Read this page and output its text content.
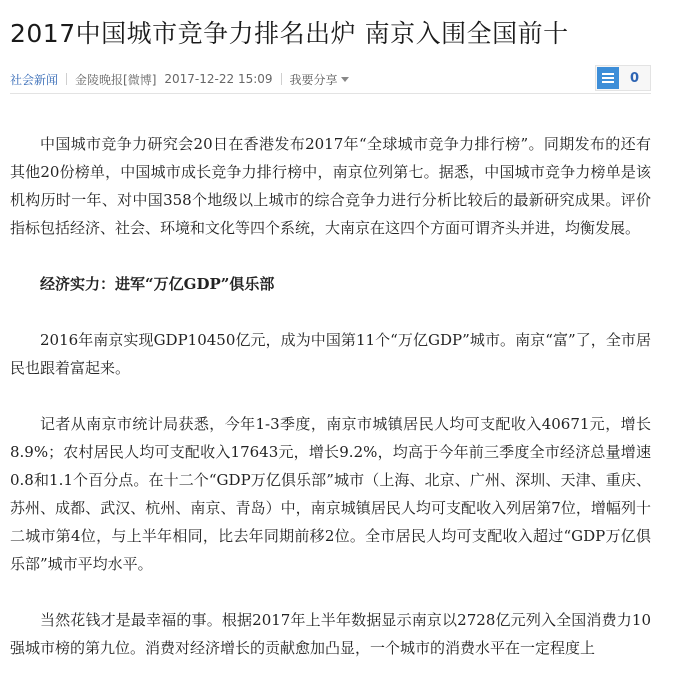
2017中国城市竞争力排名出炉 南京入围全国前十
社会新闻 金陵晚报[微博] 2017-12-22 15:09 我要分享	0

中国城市竞争力研究会20日在香港发布2017年“全球城市竞争力排行榜”。同期发布的还有其他20份榜单，中国城市成长竞争力排行榜中，南京位列第七。据悉，中国城市竞争力榜单是该机构历时一年、对中国358个地级以上城市的综合竞争力进行分析比较后的最新研究成果。评价指标包括经济、社会、环境和文化等四个系统，大南京在这四个方面可谓齐头并进，均衡发展。

经济实力：进军“万亿GDP”俱乐部

2016年南京实现GDP10450亿元，成为中国第11个“万亿GDP”城市。南京“富”了，全市居民也跟着富起来。

记者从南京市统计局获悉，今年1-3季度，南京市城镇居民人均可支配收入40671元，增长8.9%；农村居民人均可支配收入17643元，增长9.2%，均高于今年前三季度全市经济总量增速0.8和1.1个百分点。在十二个“GDP万亿俱乐部”城市（上海、北京、广州、深圳、天津、重庆、苏州、成都、武汉、杭州、南京、青岛）中，南京城镇居民人均可支配收入列居第7位，增幅列十二城市第4位，与上半年相同，比去年同期前移2位。全市居民人均可支配收入超过“GDP万亿俱乐部”城市平均水平。

当然花钱才是最幸福的事。根据2017年上半年数据显示南京以2728亿元列入全国消费力10强城市榜的第九位。消费对经济增长的贡献愈加凸显，一个城市的消费水平在一定程度上
